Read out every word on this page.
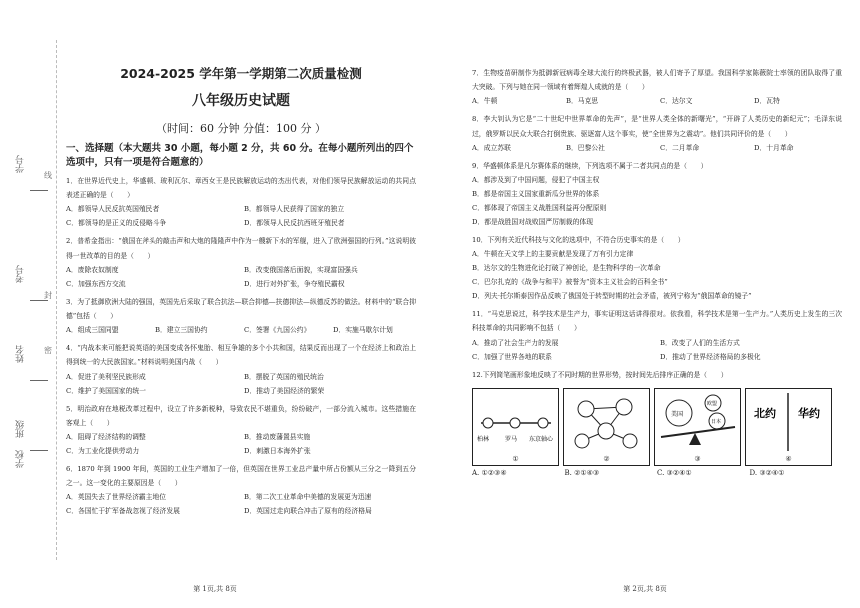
学号
考号
姓名
班级
学校
线
封
密
2024-2025 学年第一学期第二次质量检测
八年级历史试题
（时间：60 分钟 分值：100 分 ）
一、选择题（本大题共 30 小题，每小题 2 分，共 60 分。在每小题所列出的四个选项中，只有一项是符合题意的）
1．在世界近代史上，华盛顿、玻利瓦尔、章西女王是民族解放运动的杰出代表，对他们领导民族解放运动的共同点表述正确的是（　　）
A．都领导人民反抗英国殖民者	B．都领导人民获得了国家的独立
C．都领导的是正义的反侵略斗争	D．都领导人民反抗西班牙殖民者
2．普希金指出：“俄国在斧头的敲击声和大炮的隆隆声中作为一艘新下水的军舰，进入了欧洲强国的行列。”这说明彼得一世改革的目的是（　　）
A．废除农奴制度	B．改变俄国落后面貌，实现富国强兵
C．加强东西方交流	D．进行对外扩张，争夺殖民霸权
3．为了抵御欧洲大陆的强国，英国先后采取了联合抗法—联合抑德—扶德抑法—纵德反苏的做法。材料中的“联合抑德”包括（　　）
A．组成三国同盟	B．建立三国协约	C．签署《九国公约》	D．实施马歇尔计划
4．“内战本来可能把说英语的美国变成各怀鬼胎、相互争雄的多个小共和国，结果反而出现了一个在经济上和政治上得到统一的大民族国家。”材料说明美国内战（　　）
A．促进了美利坚民族形成	B．摆脱了英国的殖民统治
C．维护了美国国家的统一	D．推动了美国经济的繁荣
5．明治政府在地税改革过程中，设立了许多新税种，导致农民不堪重负，纷纷破产，一部分流入城市。这些措施在客观上（　　）
A．阻碍了经济结构的调整	B．推动废藩置县实施
C．为工业化提供劳动力	D．刺激日本海外扩张
6．1870 年到 1900 年间，英国的工业生产增加了一倍，但英国在世界工业总产量中所占份额从三分之一降到五分之一。这一变化的主要原因是（　　）
A．英国失去了世界经济霸主地位	B．第二次工业革命中美德的发展更为迅速
C．各国忙于扩军备战忽视了经济发展	D．英国过走向联合冲击了原有的经济格局
第 1页,共 8页
7．生物疫苗研制作为抵御新冠病毒全球大流行的终极武器，被人们寄予了厚望。我国科学家陈薇院士率领的团队取得了重大突破。下列与她在同一领域有着辉煌人成就的是（　　）
A．牛顿	B．马克思	C．达尔文	D．瓦特
8．李大钊认为它是“二十世纪中世界革命的先声”，是“世界人类全体的新曙光”，“开辟了人类历史的新纪元”；毛泽东说过，俄罗斯以民众大联合打倒贵族、驱逐富人这个事实，使“全世界为之震动”。他们共同评价的是（　　）
A．成立苏联	B．巴黎公社	C．二月革命	D．十月革命
9．华盛顿体系是凡尔赛体系的继续，下列选项不属于二者共同点的是（　　）
A．都涉及到了中国问题，侵犯了中国主权
B．都是帝国主义国家重新瓜分世界的体系
C．都体现了帝国主义战胜国利益再分配原则
D．都是战胜国对战败国严厉制裁的体现
10．下列有关近代科技与文化的选项中，不符合历史事实的是（　　）
A．牛顿在天文学上的主要贡献是发现了万有引力定律
B．达尔文的生物进化论打破了神创论，是生物科学的一次革命
C．巴尔扎克的《战争与和平》被誉为“资本主义社会的百科全书”
D．列夫·托尔斯泰因作品反映了俄国处于转型时期的社会矛盾，被列宁称为“俄国革命的镜子”
11．“马克思说过，科学技术是生产力，事实证明这话讲得很对。依我看，科学技术是第一生产力。”人类历史上发生的三次科技革命的共同影响不包括（　　）
A．推动了社会生产力的发展	B．改变了人们的生活方式
C．加强了世界各地的联系	D．推动了世界经济格局的多极化
12.下列简笔画形象地反映了不同时期的世界形势，按时间先后排序正确的是（　　）
柏林	罗马 东京轴心
①	②
美国
欧盟
日本
③
北约 华约
④
A. ①②③④	B. ②①④③	C. ③②④①	D. ③②④①
第 2页,共 8页
